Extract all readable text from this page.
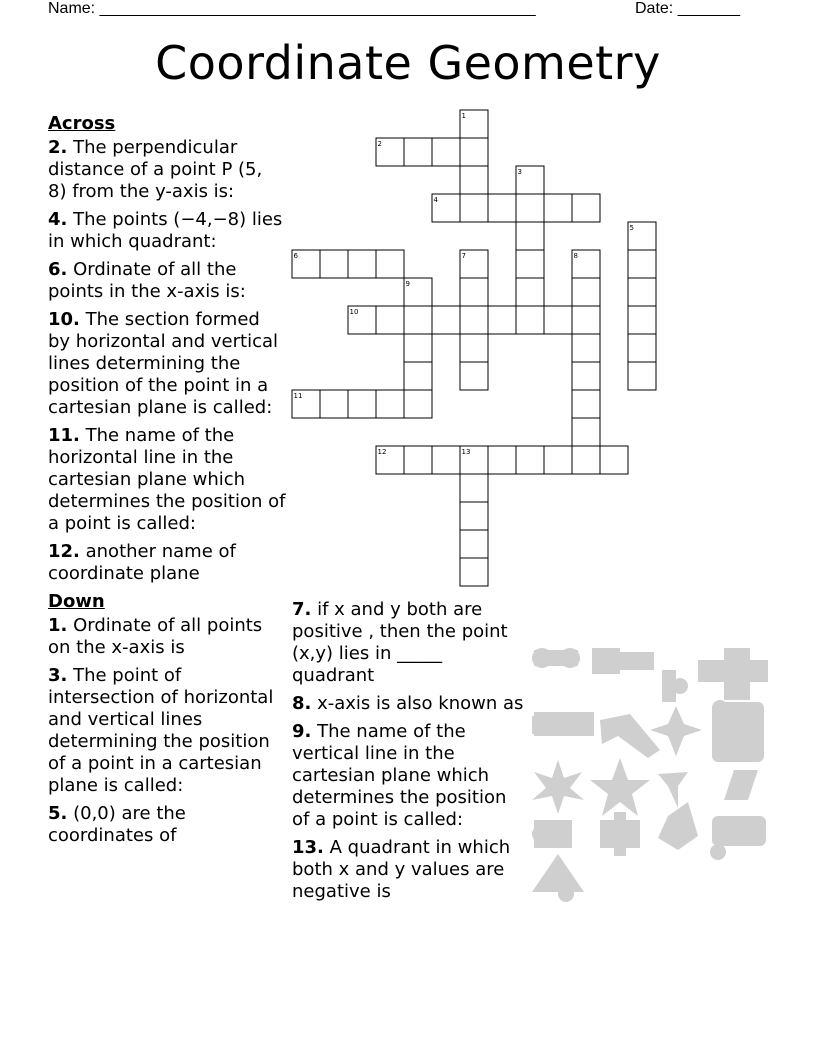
Name: _________________________________________________	Date: _______
Coordinate Geometry
Across
2. The perpendicular distance of a point P (5, 8) from the y-axis is:
4. The points (−4,−8) lies in which quadrant:
6. Ordinate of all the points in the x-axis is:
10. The section formed by horizontal and vertical lines determining the position of the point in a cartesian plane is called:
11. The name of the horizontal line in the cartesian plane which determines the position of a point is called:
12. another name of coordinate plane
Down
1. Ordinate of all points on the x-axis is
3. The point of intersection of horizontal and vertical lines determining the position of a point in a cartesian plane is called:
5. (0,0) are the coordinates of
7. if x and y both are positive , then the point (x,y) lies in _____ quadrant
8. x-axis is also known as
9. The name of the vertical line in the cartesian plane which determines the position of a point is called:
13. A quadrant in which both x and y values are negative is
1
2
3
4
5
6	7	8
9
10
11
12	13
